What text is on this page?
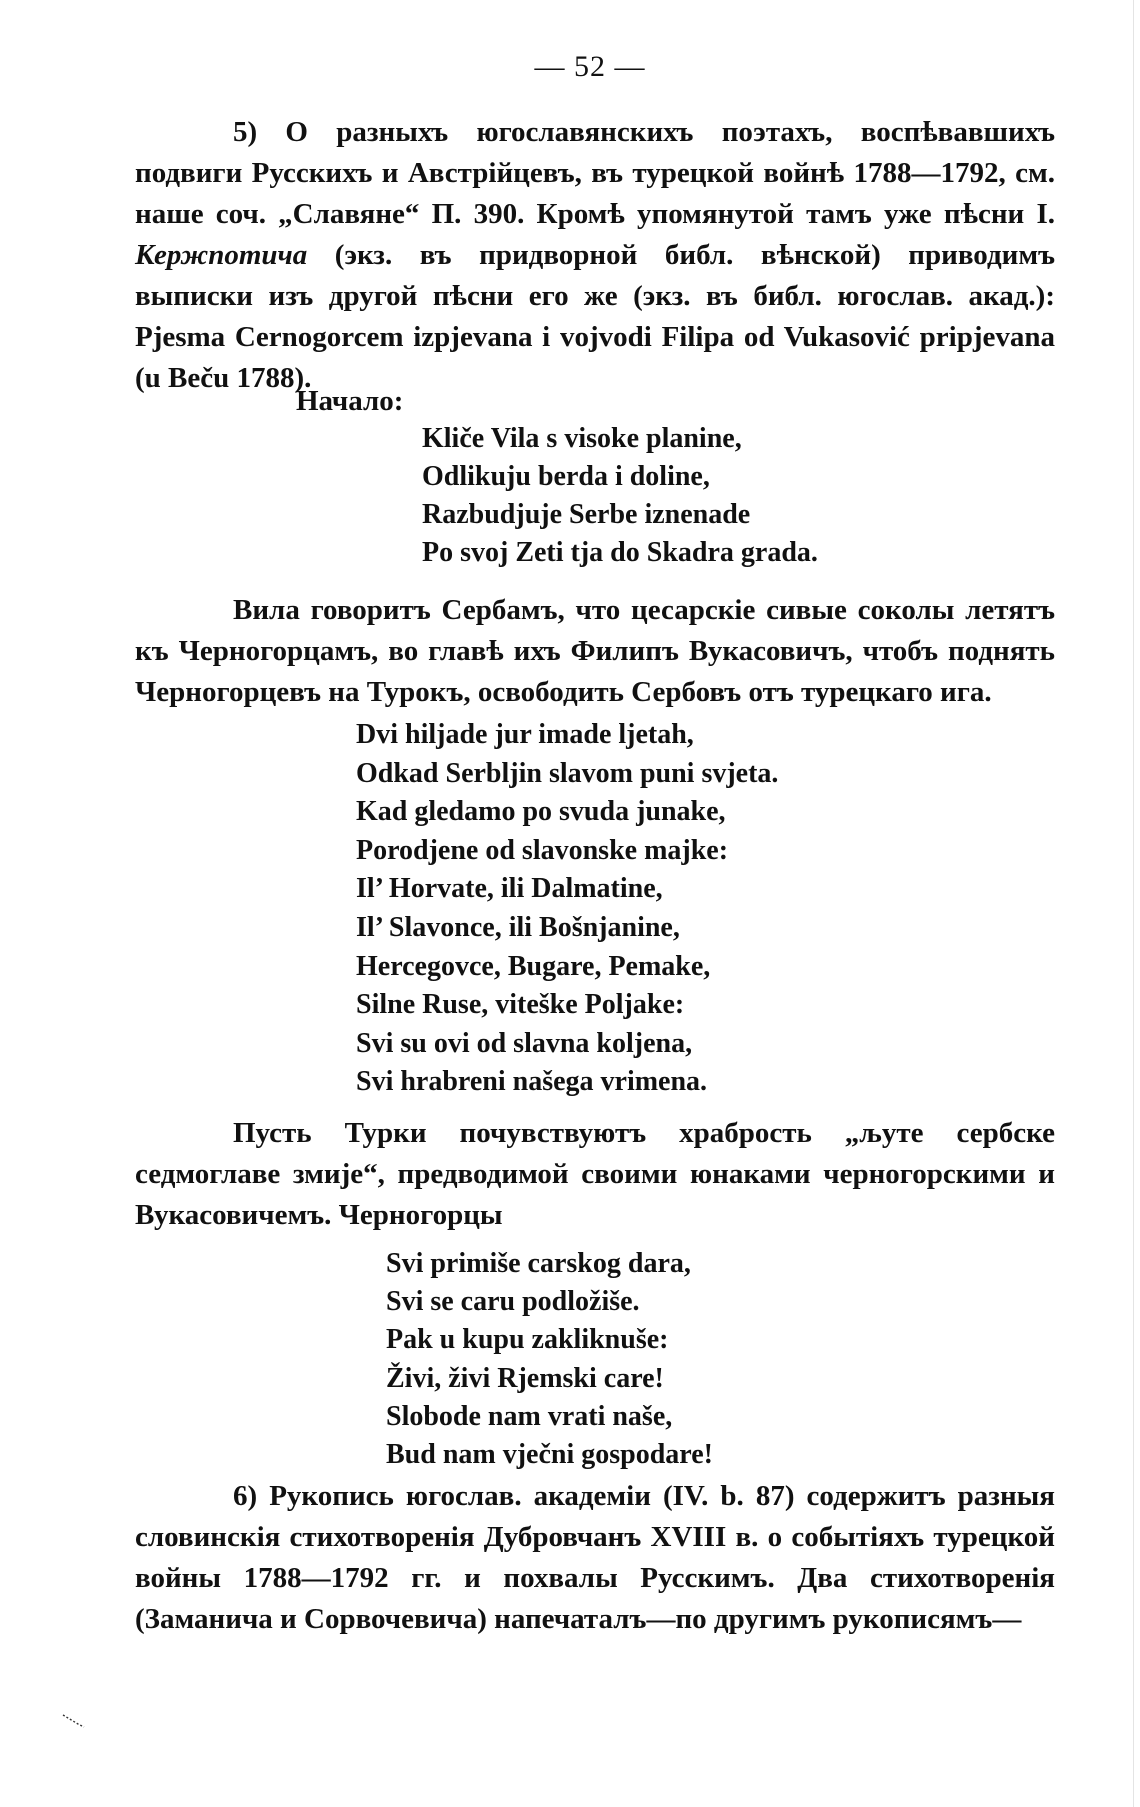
— 52 —

5) О разныхъ югославянскихъ поэтахъ, воспѣвавшихъ подвиги Русскихъ и Австрійцевъ, въ турецкой войнѣ 1788—1792, см. наше соч. „Славяне“ П. 390. Кромѣ упомянутой тамъ уже пѣсни I. Кержпотича (экз. въ придворной библ. вѣнской) приводимъ выписки изъ другой пѣсни его же (экз. въ библ. югослав. акад.): Pjesma Cernogorcem izpjevana i vojvodi Filipa od Vukasović pripjevana (u Beču 1788).

Начало:
Kliče Vila s visoke planine,
Odlikuju berda i doline,
Razbudjuje Serbe iznenade
Po svoj Zeti tja do Skadra grada.

Вила говоритъ Сербамъ, что цесарскіе сивые соколы летятъ къ Черногорцамъ, во главѣ ихъ Филипъ Вукасовичъ, чтобъ поднять Черногорцевъ на Турокъ, освободить Сербовъ отъ турецкаго ига.

Dvi hiljade jur imade ljetah,
Odkad Serbljin slavom puni svjeta.
Kad gledamo po svuda junake,
Porodjene od slavonske majke:
Il’ Horvate, ili Dalmatine,
Il’ Slavonce, ili Bošnjanine,
Hercegovce, Bugare, Pemake,
Silne Ruse, viteške Poljake:
Svi su ovi od slavna koljena,
Svi hrabreni našega vrimena.

Пусть Турки почувствуютъ храбрость „љуте сербске седмоглаве змије“, предводимой своими юнаками черногорскими и Вукасовичемъ. Черногорцы

Svi primiše carskog dara,
Svi se caru podložiše.
Pak u kupu zakliknuše:
Živi, živi Rjemski care!
Slobode nam vrati naše,
Bud nam vječni gospodare!

6) Рукопись югослав. академіи (IV. b. 87) содержитъ разныя словинскія стихотворенія Дубровчанъ XVIII в. о событіяхъ турецкой войны 1788—1792 гг. и похвалы Русскимъ. Два стихотворенія (Заманича и Сорвочевича) напечаталъ—по другимъ рукописямъ—
